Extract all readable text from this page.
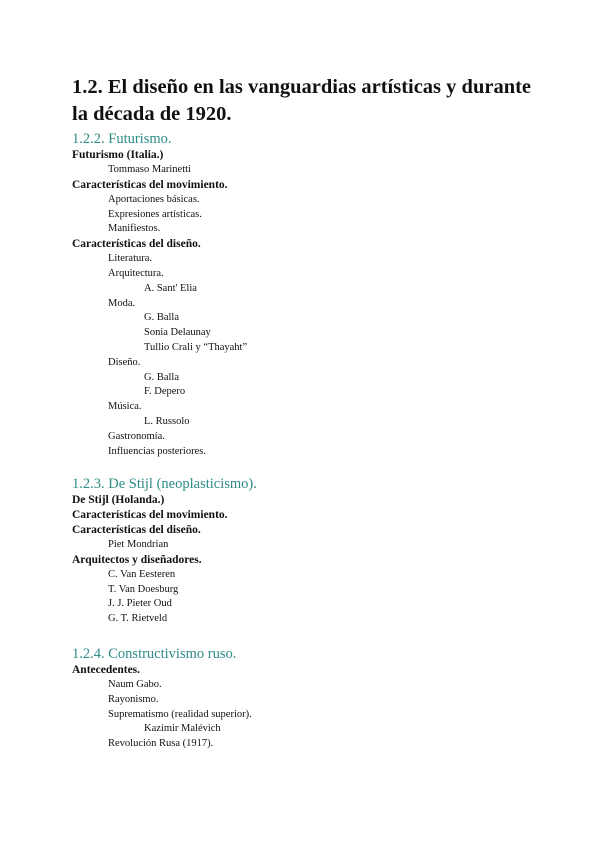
1.2. El diseño en las vanguardias artísticas y durante la década de 1920.
1.2.2. Futurismo.
Futurismo (Italia.)
Tommaso Marinetti
Características del movimiento.
Aportaciones básicas.
Expresiones artísticas.
Manifiestos.
Características del diseño.
Literatura.
Arquitectura.
A. Sant' Elia
Moda.
G. Balla
Sonia Delaunay
Tullio Crali y “Thayaht”
Diseño.
G. Balla
F. Depero
Música.
L. Russolo
Gastronomía.
Influencias posteriores.
1.2.3. De Stijl (neoplasticismo).
De Stijl (Holanda.)
Características del movimiento.
Características del diseño.
Piet Mondrian
Arquitectos y diseñadores.
C. Van Eesteren
T. Van Doesburg
J. J. Pieter Oud
G. T. Rietveld
1.2.4. Constructivismo ruso.
Antecedentes.
Naum Gabo.
Rayonismo.
Suprematismo (realidad superior).
Kazimir Malévich
Revolución Rusa (1917).
